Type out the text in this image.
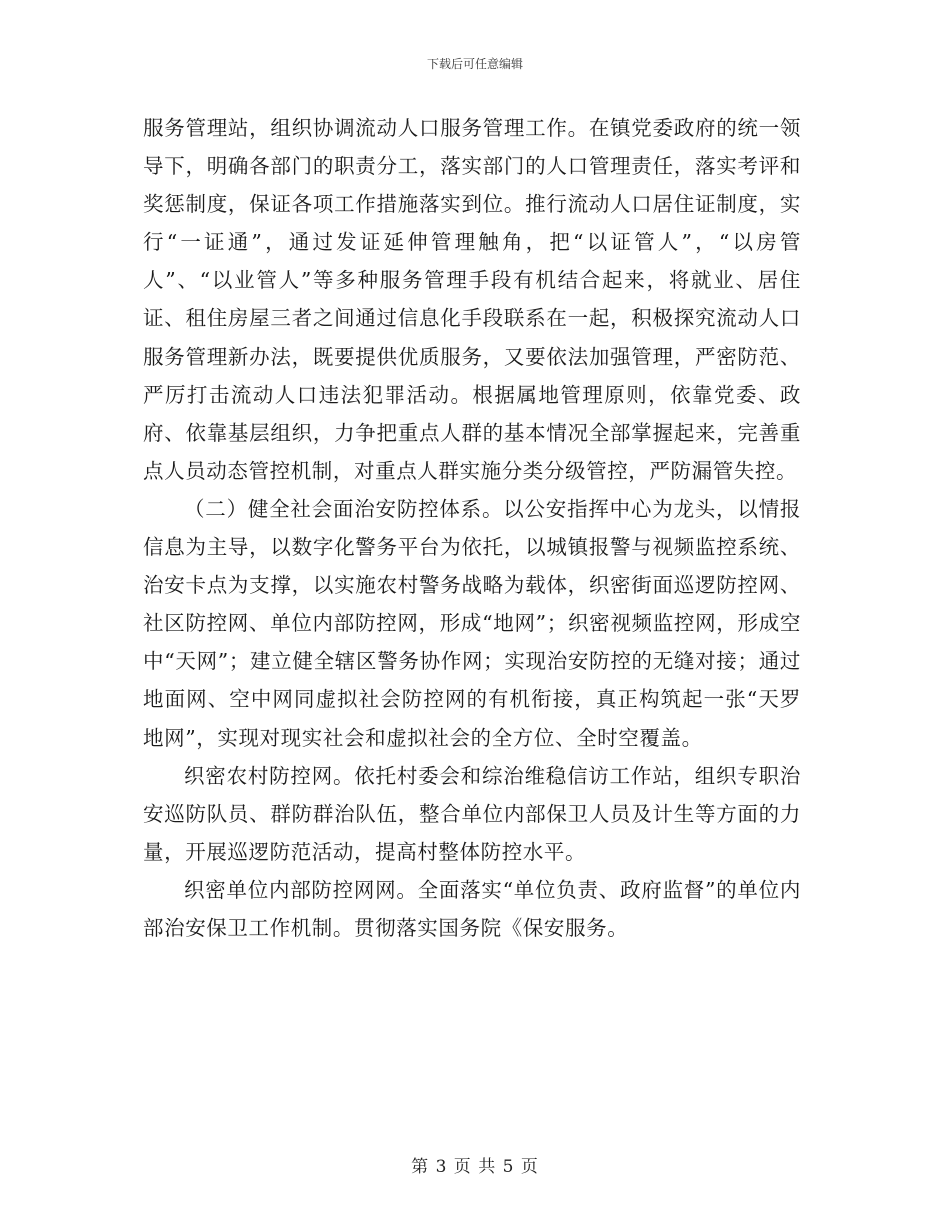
下载后可任意编辑

服务管理站，组织协调流动人口服务管理工作。在镇党委政府的统一领导下，明确各部门的职责分工，落实部门的人口管理责任，落实考评和奖惩制度，保证各项工作措施落实到位。推行流动人口居住证制度，实行“一证通”，通过发证延伸管理触角，把“以证管人”，“以房管人”、“以业管人”等多种服务管理手段有机结合起来，将就业、居住证、租住房屋三者之间通过信息化手段联系在一起，积极探究流动人口服务管理新办法，既要提供优质服务，又要依法加强管理，严密防范、严厉打击流动人口违法犯罪活动。根据属地管理原则，依靠党委、政府、依靠基层组织，力争把重点人群的基本情况全部掌握起来，完善重点人员动态管控机制，对重点人群实施分类分级管控，严防漏管失控。

（二）健全社会面治安防控体系。以公安指挥中心为龙头，以情报信息为主导，以数字化警务平台为依托，以城镇报警与视频监控系统、治安卡点为支撑，以实施农村警务战略为载体，织密街面巡逻防控网、社区防控网、单位内部防控网，形成“地网”；织密视频监控网，形成空中“天网”；建立健全辖区警务协作网；实现治安防控的无缝对接；通过地面网、空中网同虚拟社会防控网的有机衔接，真正构筑起一张“天罗地网”，实现对现实社会和虚拟社会的全方位、全时空覆盖。

织密农村防控网。依托村委会和综治维稳信访工作站，组织专职治安巡防队员、群防群治队伍，整合单位内部保卫人员及计生等方面的力量，开展巡逻防范活动，提高村整体防控水平。

织密单位内部防控网网。全面落实“单位负责、政府监督”的单位内部治安保卫工作机制。贯彻落实国务院《保安服务。

第 3 页 共 5 页
